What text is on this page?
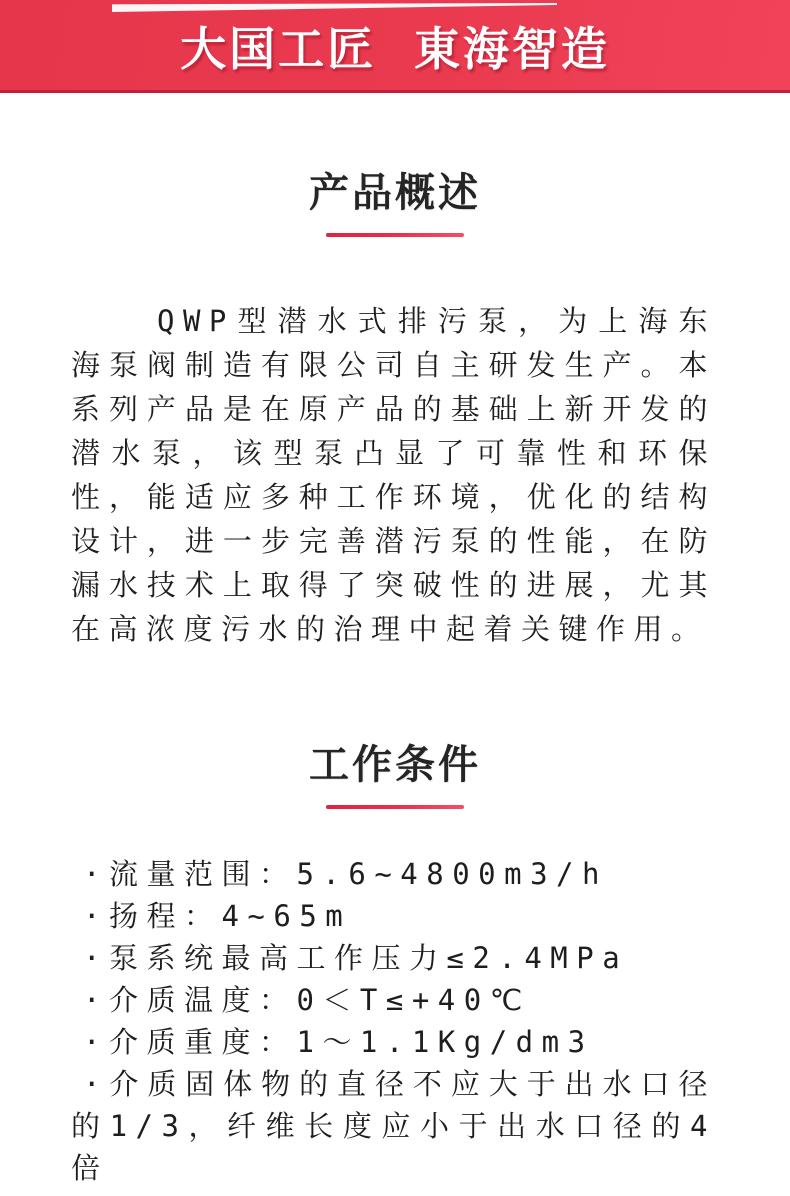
大国工匠 東海智造
产品概述

QWP型潜水式排污泵，为上海东海泵阀制造有限公司自主研发生产。本系列产品是在原产品的基础上新开发的潜水泵，该型泵凸显了可靠性和环保性，能适应多种工作环境，优化的结构设计，进一步完善潜污泵的性能，在防漏水技术上取得了突破性的进展，尤其在高浓度污水的治理中起着关键作用。

工作条件
·流量范围：5.6~4800m3/h
·扬程：4~65m
·泵系统最高工作压力≤2.4MPa
·介质温度：0＜T≤+40℃
·介质重度：1～1.1Kg/dm3
·介质固体物的直径不应大于出水口径的1/3，纤维长度应小于出水口径的4倍
